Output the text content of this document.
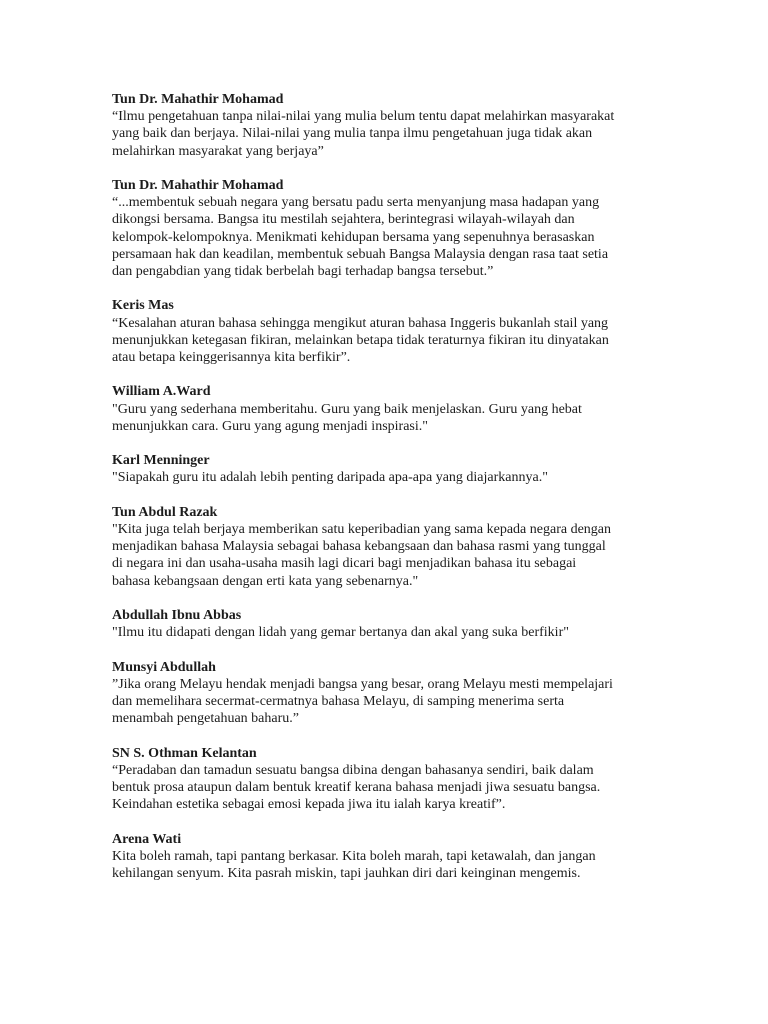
Tun Dr. Mahathir Mohamad
“Ilmu pengetahuan tanpa nilai-nilai yang mulia belum tentu dapat melahirkan masyarakat
yang baik dan berjaya. Nilai-nilai yang mulia tanpa ilmu pengetahuan juga tidak akan
melahirkan masyarakat yang berjaya”
Tun Dr. Mahathir Mohamad
“...membentuk sebuah negara yang bersatu padu serta menyanjung masa hadapan yang
dikongsi bersama. Bangsa itu mestilah sejahtera, berintegrasi wilayah-wilayah dan
kelompok-kelompoknya. Menikmati kehidupan bersama yang sepenuhnya berasaskan
persamaan hak dan keadilan, membentuk sebuah Bangsa Malaysia dengan rasa taat setia
dan pengabdian yang tidak berbelah bagi terhadap bangsa tersebut.”
Keris Mas
“Kesalahan aturan bahasa sehingga mengikut aturan bahasa Inggeris bukanlah stail yang
menunjukkan ketegasan fikiran, melainkan betapa tidak teraturnya fikiran itu dinyatakan
atau betapa keinggerisannya kita berfikir”.
William A.Ward
"Guru yang sederhana memberitahu. Guru yang baik menjelaskan. Guru yang hebat
menunjukkan cara. Guru yang agung menjadi inspirasi."
Karl Menninger
"Siapakah guru itu adalah lebih penting daripada apa-apa yang diajarkannya."
Tun Abdul Razak
"Kita juga telah berjaya memberikan satu keperibadian yang sama kepada negara dengan
menjadikan bahasa Malaysia sebagai bahasa kebangsaan dan bahasa rasmi yang tunggal
di negara ini dan usaha-usaha masih lagi dicari bagi menjadikan bahasa itu sebagai
bahasa kebangsaan dengan erti kata yang sebenarnya."
Abdullah Ibnu Abbas
"Ilmu itu didapati dengan lidah yang gemar bertanya dan akal yang suka berfikir"
Munsyi Abdullah
”Jika orang Melayu hendak menjadi bangsa yang besar, orang Melayu mesti mempelajari
dan memelihara secermat-cermatnya bahasa Melayu, di samping menerima serta
menambah pengetahuan baharu.”
SN S. Othman Kelantan
“Peradaban dan tamadun sesuatu bangsa dibina dengan bahasanya sendiri, baik dalam
bentuk prosa ataupun dalam bentuk kreatif kerana bahasa menjadi jiwa sesuatu bangsa.
Keindahan estetika sebagai emosi kepada jiwa itu ialah karya kreatif”.
Arena Wati
Kita boleh ramah, tapi pantang berkasar. Kita boleh marah, tapi ketawalah, dan jangan
kehilangan senyum. Kita pasrah miskin, tapi jauhkan diri dari keinginan mengemis.
